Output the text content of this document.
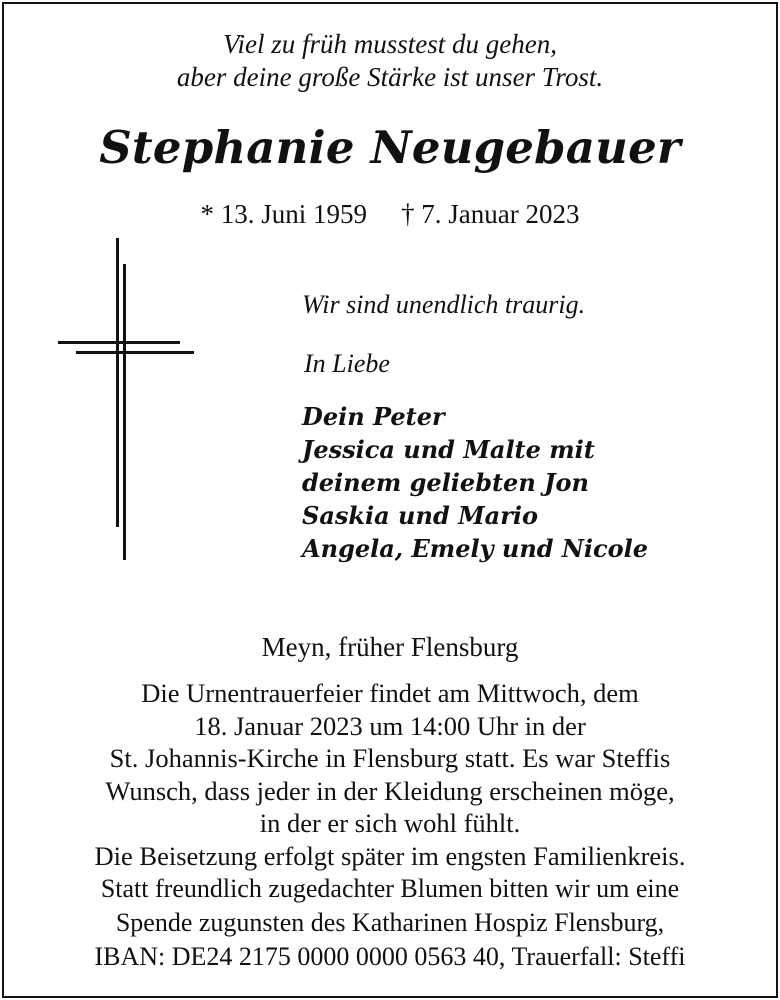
Viel zu früh musstest du gehen,
aber deine große Stärke ist unser Trost.
Stephanie Neugebauer
* 13. Juni 1959 † 7. Januar 2023
Wir sind unendlich traurig.
In Liebe
Dein Peter
Jessica und Malte mit
deinem geliebten Jon
Saskia und Mario
Angela, Emely und Nicole
Meyn, früher Flensburg
Die Urnentrauerfeier findet am Mittwoch, dem
18. Januar 2023 um 14:00 Uhr in der
St. Johannis-Kirche in Flensburg statt. Es war Steffis
Wunsch, dass jeder in der Kleidung erscheinen möge,
in der er sich wohl fühlt.
Die Beisetzung erfolgt später im engsten Familienkreis.
Statt freundlich zugedachter Blumen bitten wir um eine
Spende zugunsten des Katharinen Hospiz Flensburg,
IBAN: DE24 2175 0000 0000 0563 40, Trauerfall: Steffi
